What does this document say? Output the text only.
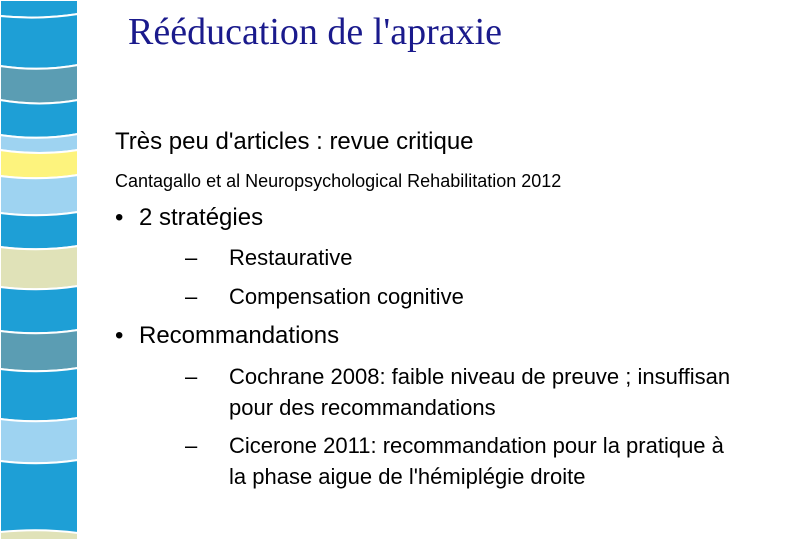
Rééducation de l'apraxie
Très peu d'articles : revue critique
Cantagallo et al Neuropsychological Rehabilitation 2012
• 2 stratégies
– Restaurative
– Compensation cognitive
• Recommandations
– Cochrane 2008: faible niveau de preuve ; insuffisan
pour des recommandations
– Cicerone 2011: recommandation pour la pratique à
la phase aigue de l'hémiplégie droite
